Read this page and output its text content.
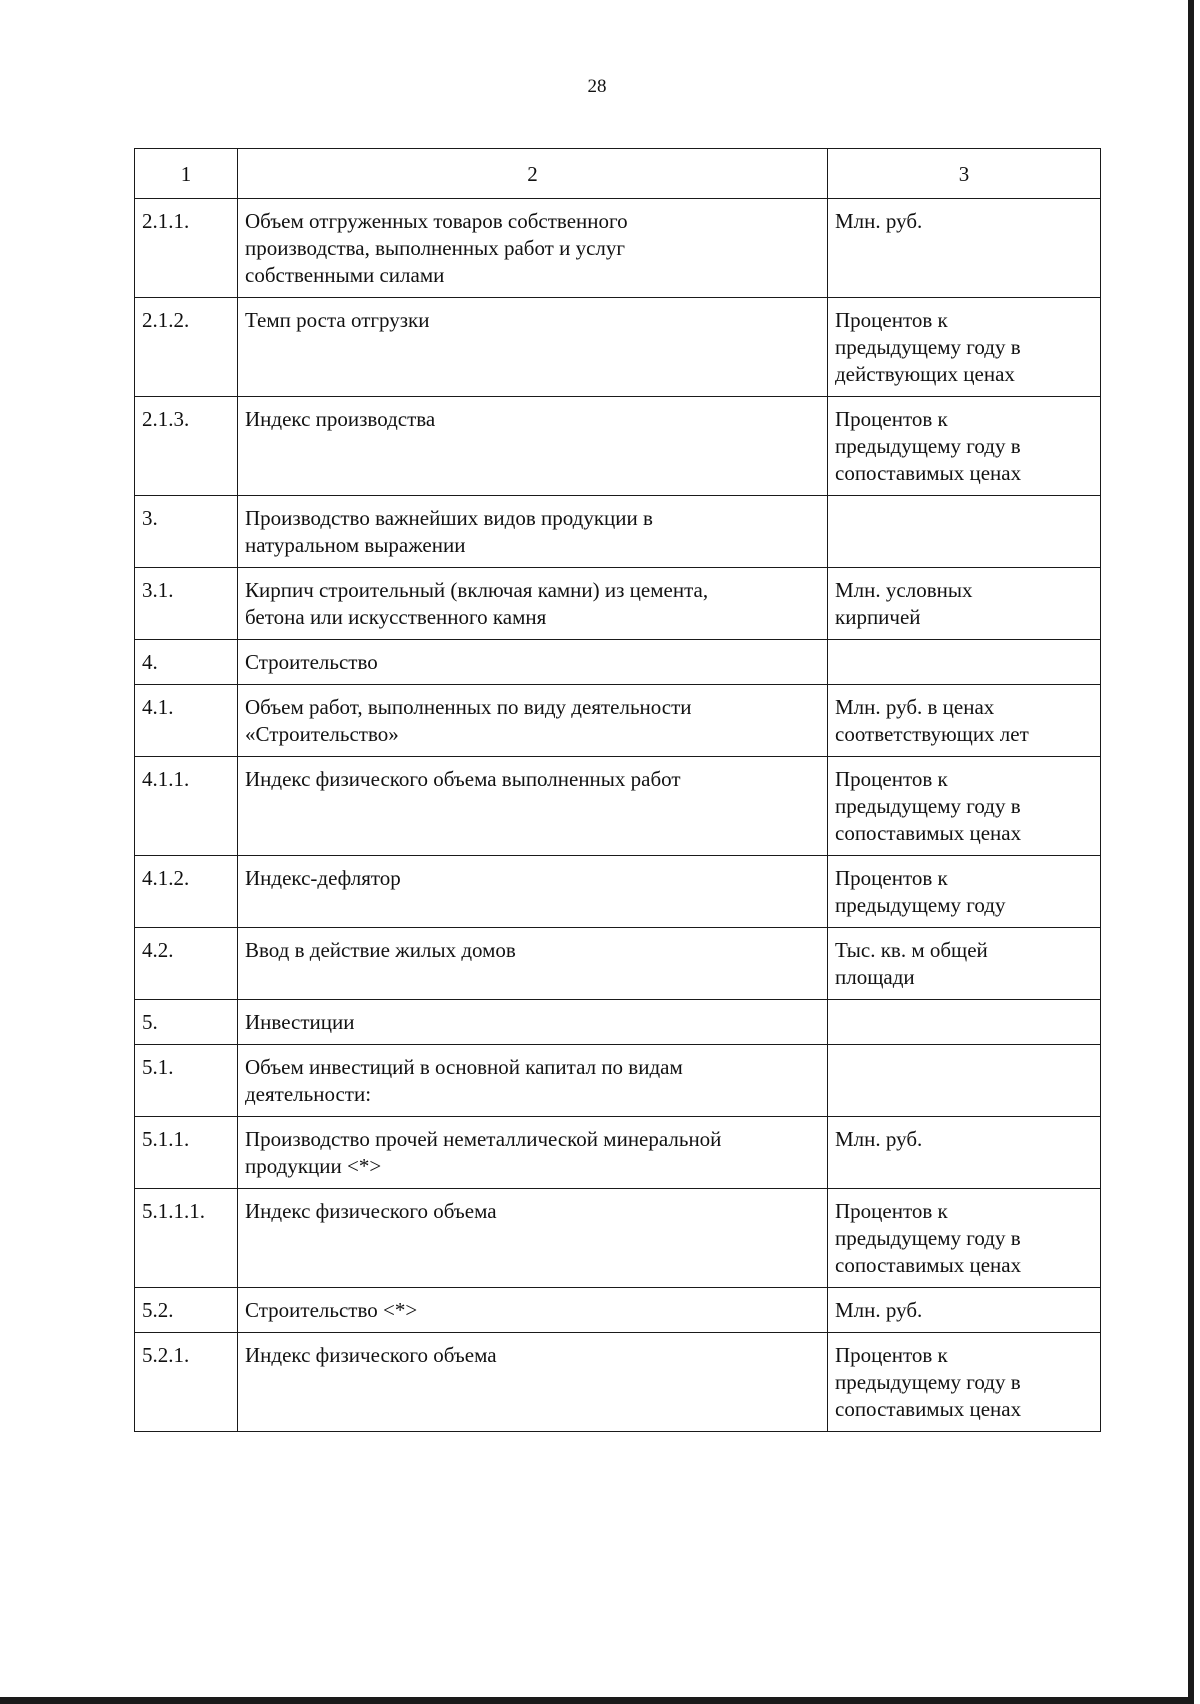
28
1	2	3
2.1.1.	Объем отгруженных товаров собственного
производства, выполненных работ и услуг
собственными силами	Млн. руб.
2.1.2.	Темп роста отгрузки	Процентов к
предыдущему году в
действующих ценах
2.1.3.	Индекс производства	Процентов к
предыдущему году в
сопоставимых ценах
3.	Производство важнейших видов продукции в
натуральном выражении	
3.1.	Кирпич строительный (включая камни) из цемента,
бетона или искусственного камня	Млн. условных
кирпичей
4.	Строительство	
4.1.	Объем работ, выполненных по виду деятельности
«Строительство»	Млн. руб. в ценах
соответствующих лет
4.1.1.	Индекс физического объема выполненных работ	Процентов к
предыдущему году в
сопоставимых ценах
4.1.2.	Индекс-дефлятор	Процентов к
предыдущему году
4.2.	Ввод в действие жилых домов	Тыс. кв. м общей
площади
5.	Инвестиции	
5.1.	Объем инвестиций в основной капитал по видам
деятельности:	
5.1.1.	Производство прочей неметаллической минеральной
продукции <*>	Млн. руб.
5.1.1.1.	Индекс физического объема	Процентов к
предыдущему году в
сопоставимых ценах
5.2.	Строительство <*>	Млн. руб.
5.2.1.	Индекс физического объема	Процентов к
предыдущему году в
сопоставимых ценах
